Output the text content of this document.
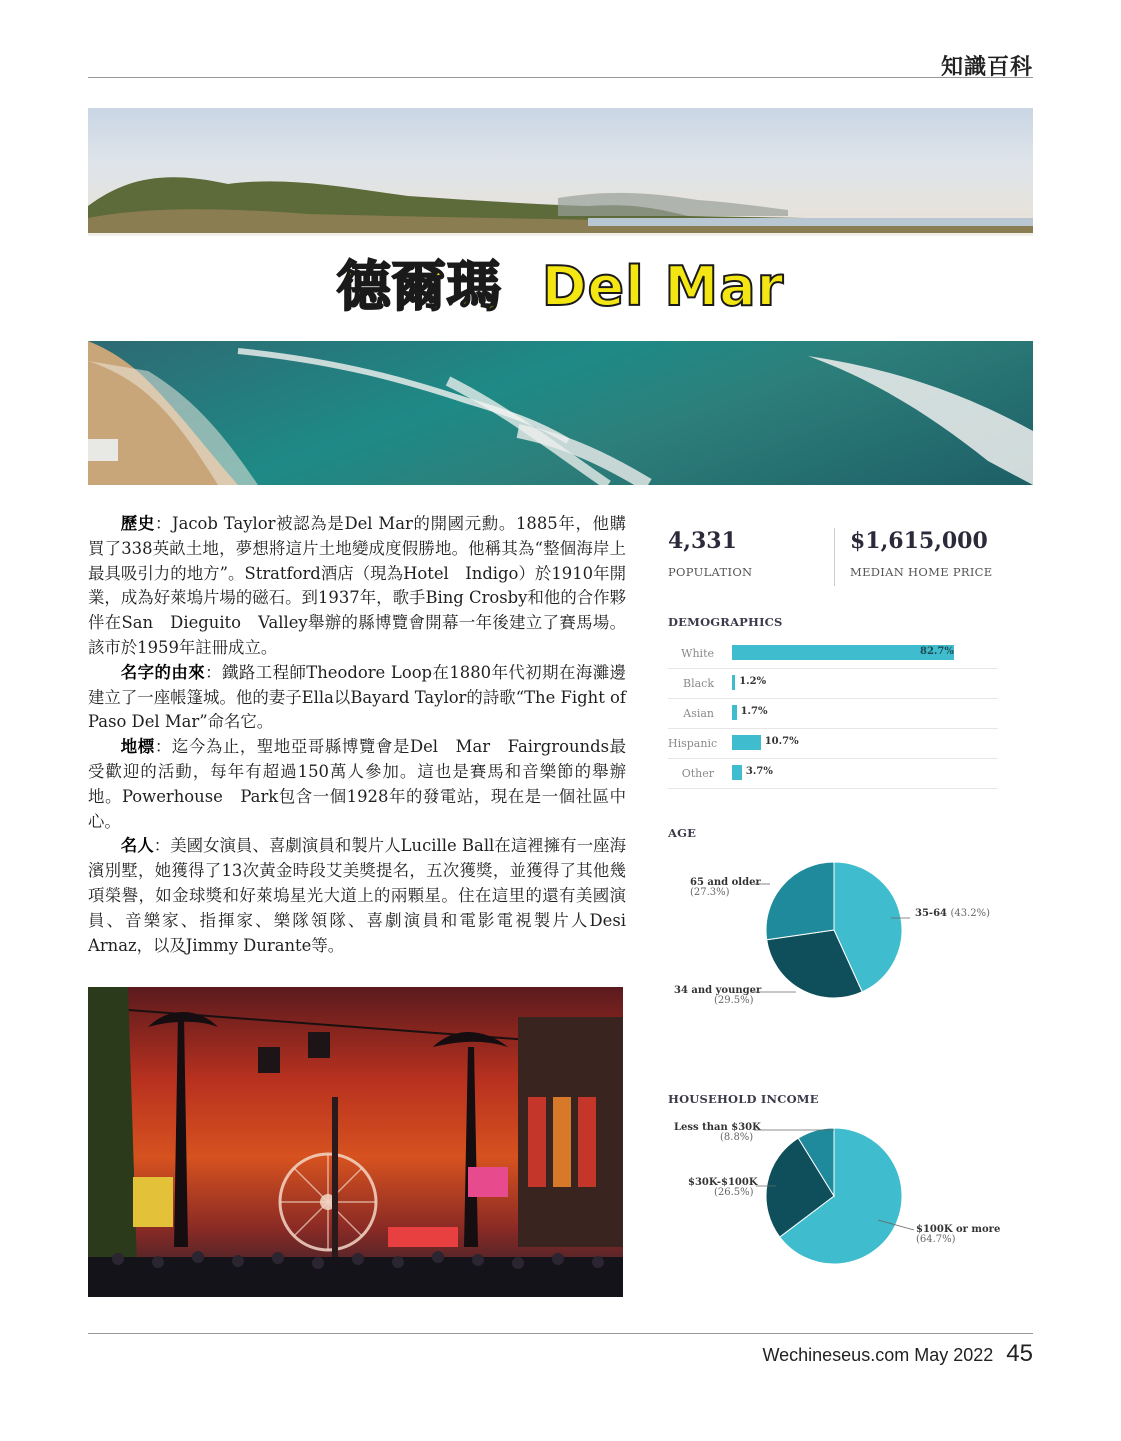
知識百科
德爾瑪 Del Mar

歷史：Jacob Taylor被認為是Del Mar的開國元勳。1885年，他購買了338英畝土地，夢想將這片土地變成度假勝地。他稱其為“整個海岸上最具吸引力的地方”。Stratford酒店（現為Hotel　Indigo）於1910年開業，成為好萊塢片場的磁石。到1937年，歌手Bing Crosby和他的合作夥伴在San　Dieguito　Valley舉辦的縣博覽會開幕一年後建立了賽馬場。該市於1959年註冊成立。

名字的由來：鐵路工程師Theodore Loop在1880年代初期在海灘邊建立了一座帳篷城。他的妻子Ella以Bayard Taylor的詩歌“The Fight of Paso Del Mar”命名它。

地標：迄今為止，聖地亞哥縣博覽會是Del　Mar　Fairgrounds最受歡迎的活動，每年有超過150萬人參加。這也是賽馬和音樂節的舉辦地。Powerhouse　Park包含一個1928年的發電站，現在是一個社區中心。

名人：美國女演員、喜劇演員和製片人Lucille Ball在這裡擁有一座海濱別墅，她獲得了13次黃金時段艾美獎提名，五次獲獎，並獲得了其他幾項榮譽，如金球獎和好萊塢星光大道上的兩顆星。住在這里的還有美國演員、音樂家、指揮家、樂隊領隊、喜劇演員和電影電視製片人Desi Arnaz，以及Jimmy Durante等。

4,331
POPULATION
$1,615,000
MEDIAN HOME PRICE
DEMOGRAPHICS
White	82.7%
Black	1.2%
Asian	1.7%
Hispanic	10.7%
Other	3.7%
AGE
65 and older
(27.3%)
35-64 (43.2%)
34 and younger
(29.5%)
HOUSEHOLD INCOME
Less than $30K
(8.8%)
$30K-$100K
(26.5%)
$100K or more
(64.7%)
Wechineseus.com May 2022 45
